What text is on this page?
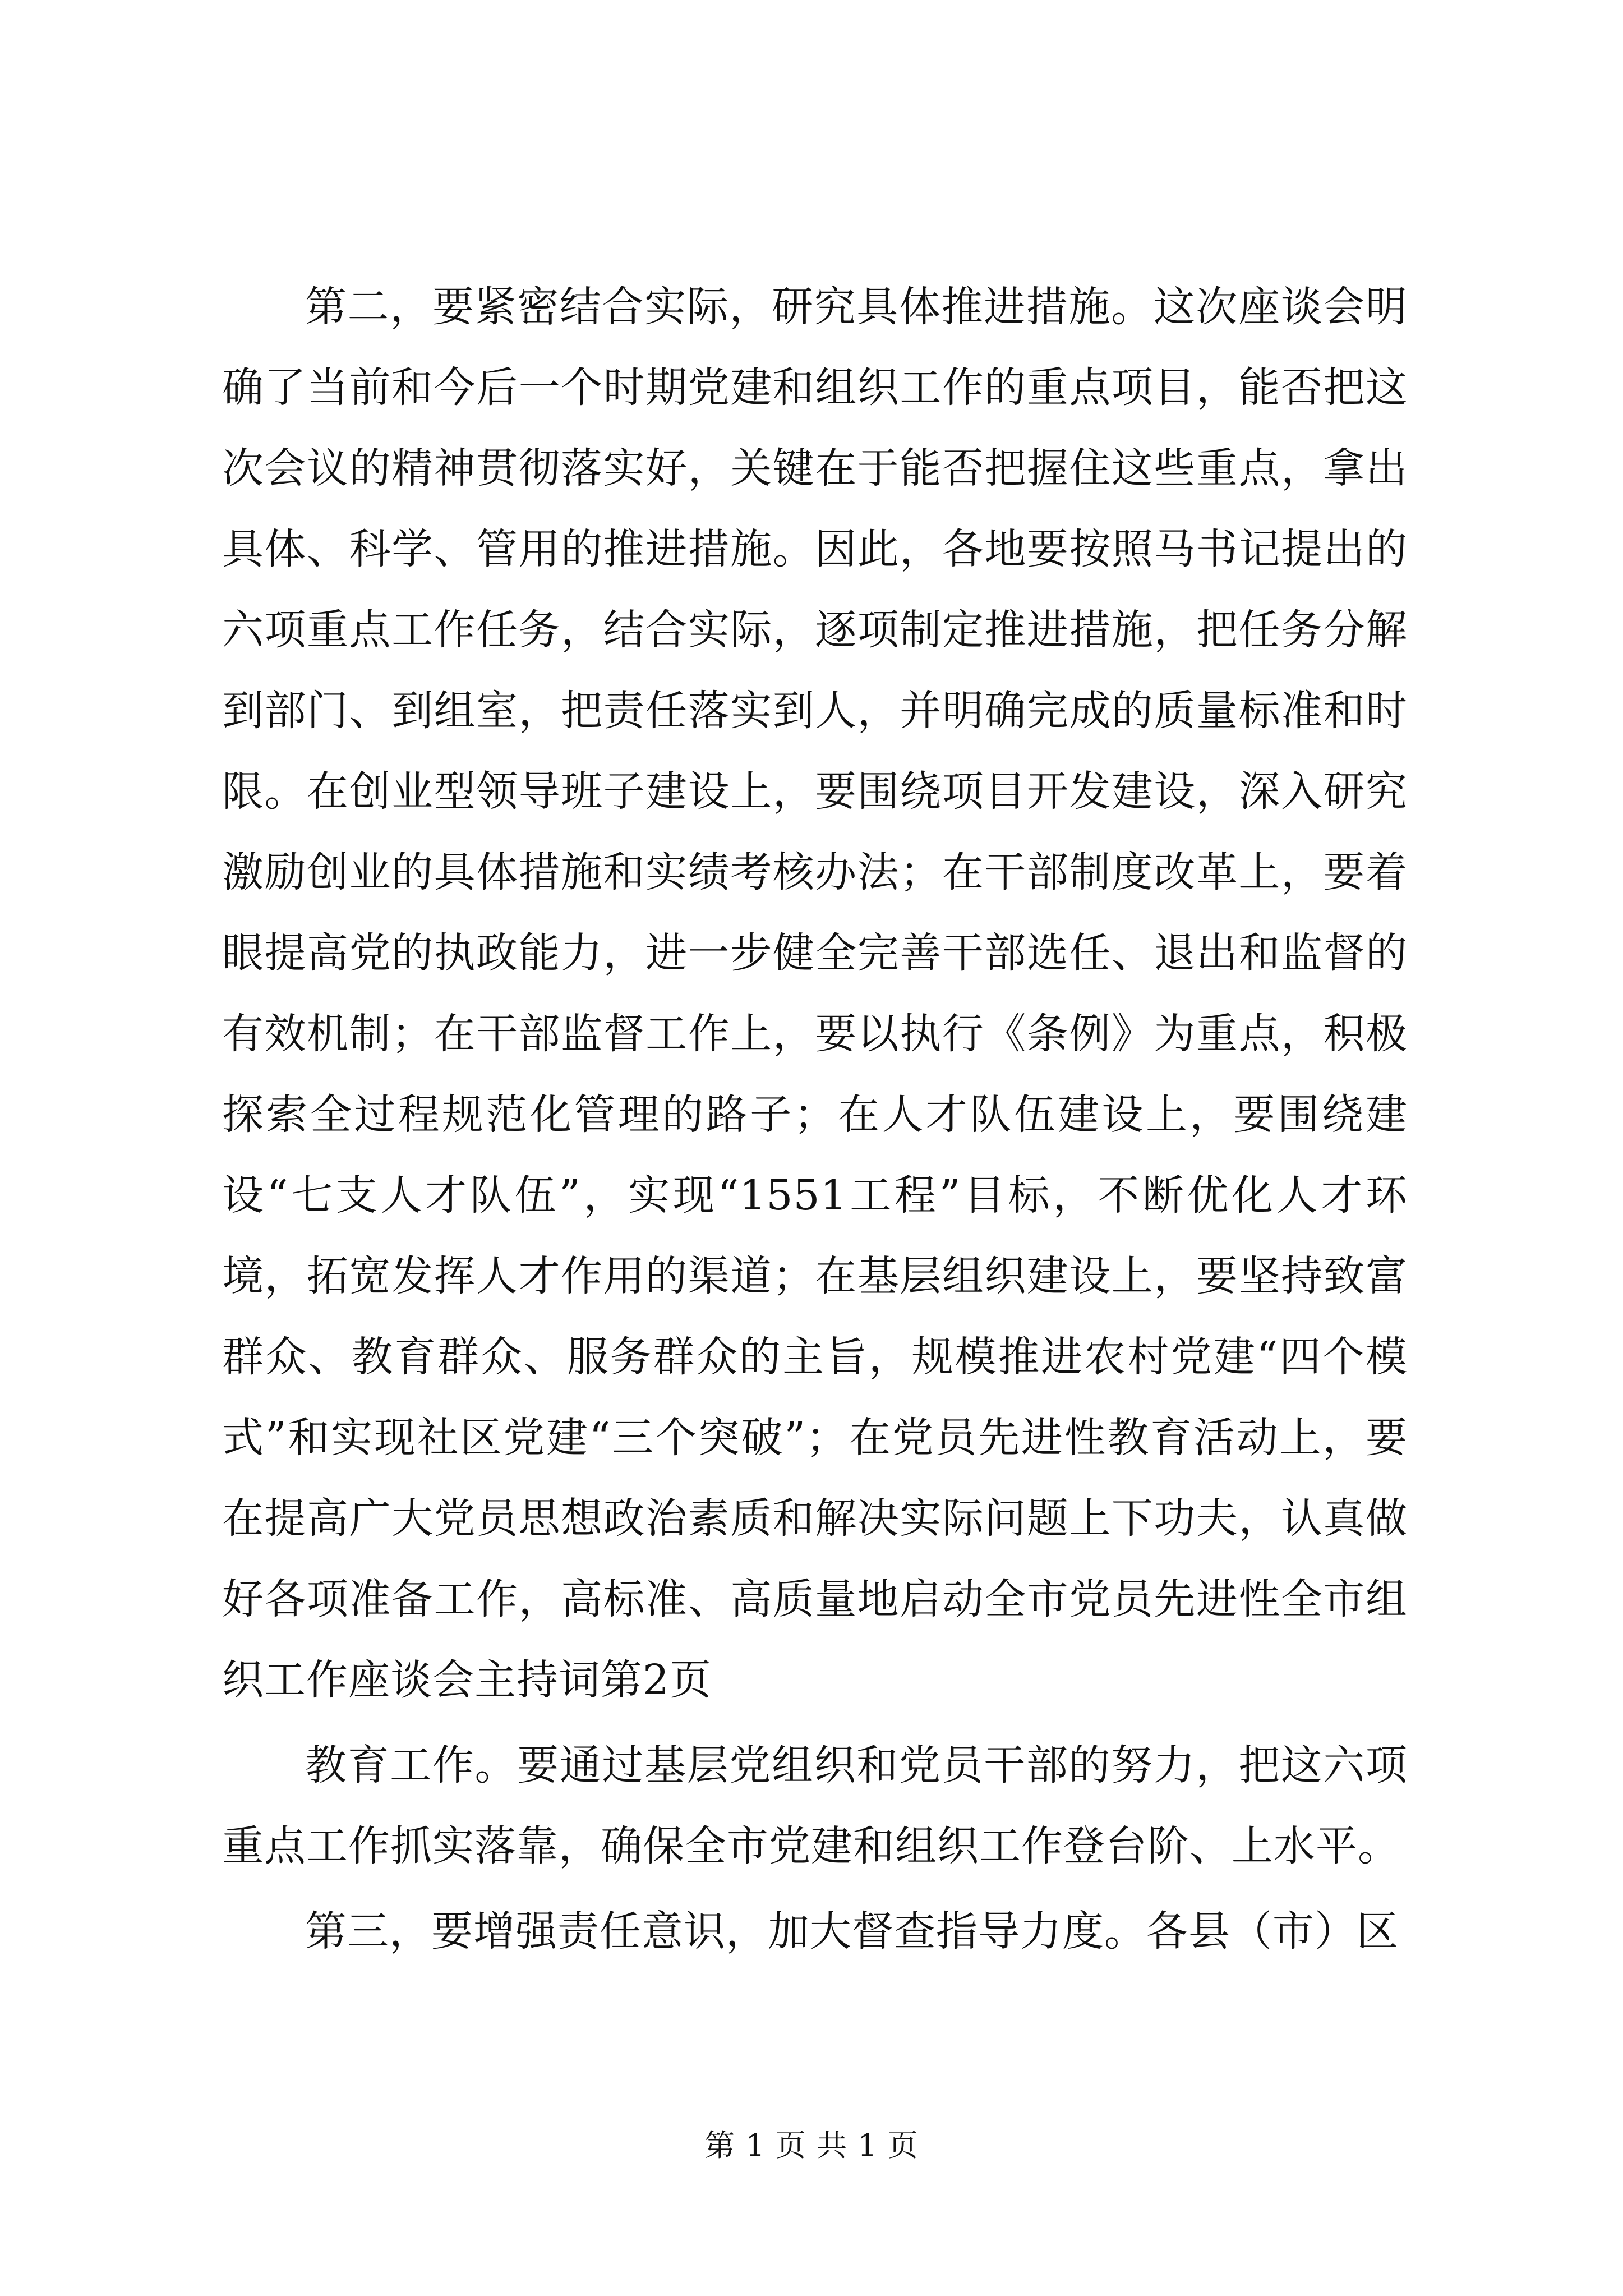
第二，要紧密结合实际，研究具体推进措施。这次座谈会明确了当前和今后一个时期党建和组织工作的重点项目，能否把这次会议的精神贯彻落实好，关键在于能否把握住这些重点，拿出具体、科学、管用的推进措施。因此，各地要按照马书记提出的六项重点工作任务，结合实际，逐项制定推进措施，把任务分解到部门、到组室，把责任落实到人，并明确完成的质量标准和时限。在创业型领导班子建设上，要围绕项目开发建设，深入研究激励创业的具体措施和实绩考核办法；在干部制度改革上，要着眼提高党的执政能力，进一步健全完善干部选任、退出和监督的有效机制；在干部监督工作上，要以执行《条例》为重点，积极探索全过程规范化管理的路子；在人才队伍建设上，要围绕建设“七支人才队伍”，实现“1551工程”目标，不断优化人才环境，拓宽发挥人才作用的渠道；在基层组织建设上，要坚持致富群众、教育群众、服务群众的主旨，规模推进农村党建“四个模式”和实现社区党建“三个突破”；在党员先进性教育活动上，要在提高广大党员思想政治素质和解决实际问题上下功夫，认真做好各项准备工作，高标准、高质量地启动全市党员先进性全市组织工作座谈会主持词第2页

教育工作。要通过基层党组织和党员干部的努力，把这六项重点工作抓实落靠，确保全市党建和组织工作登台阶、上水平。

第三，要增强责任意识，加大督查指导力度。各县（市）区

第 1 页 共 1 页
